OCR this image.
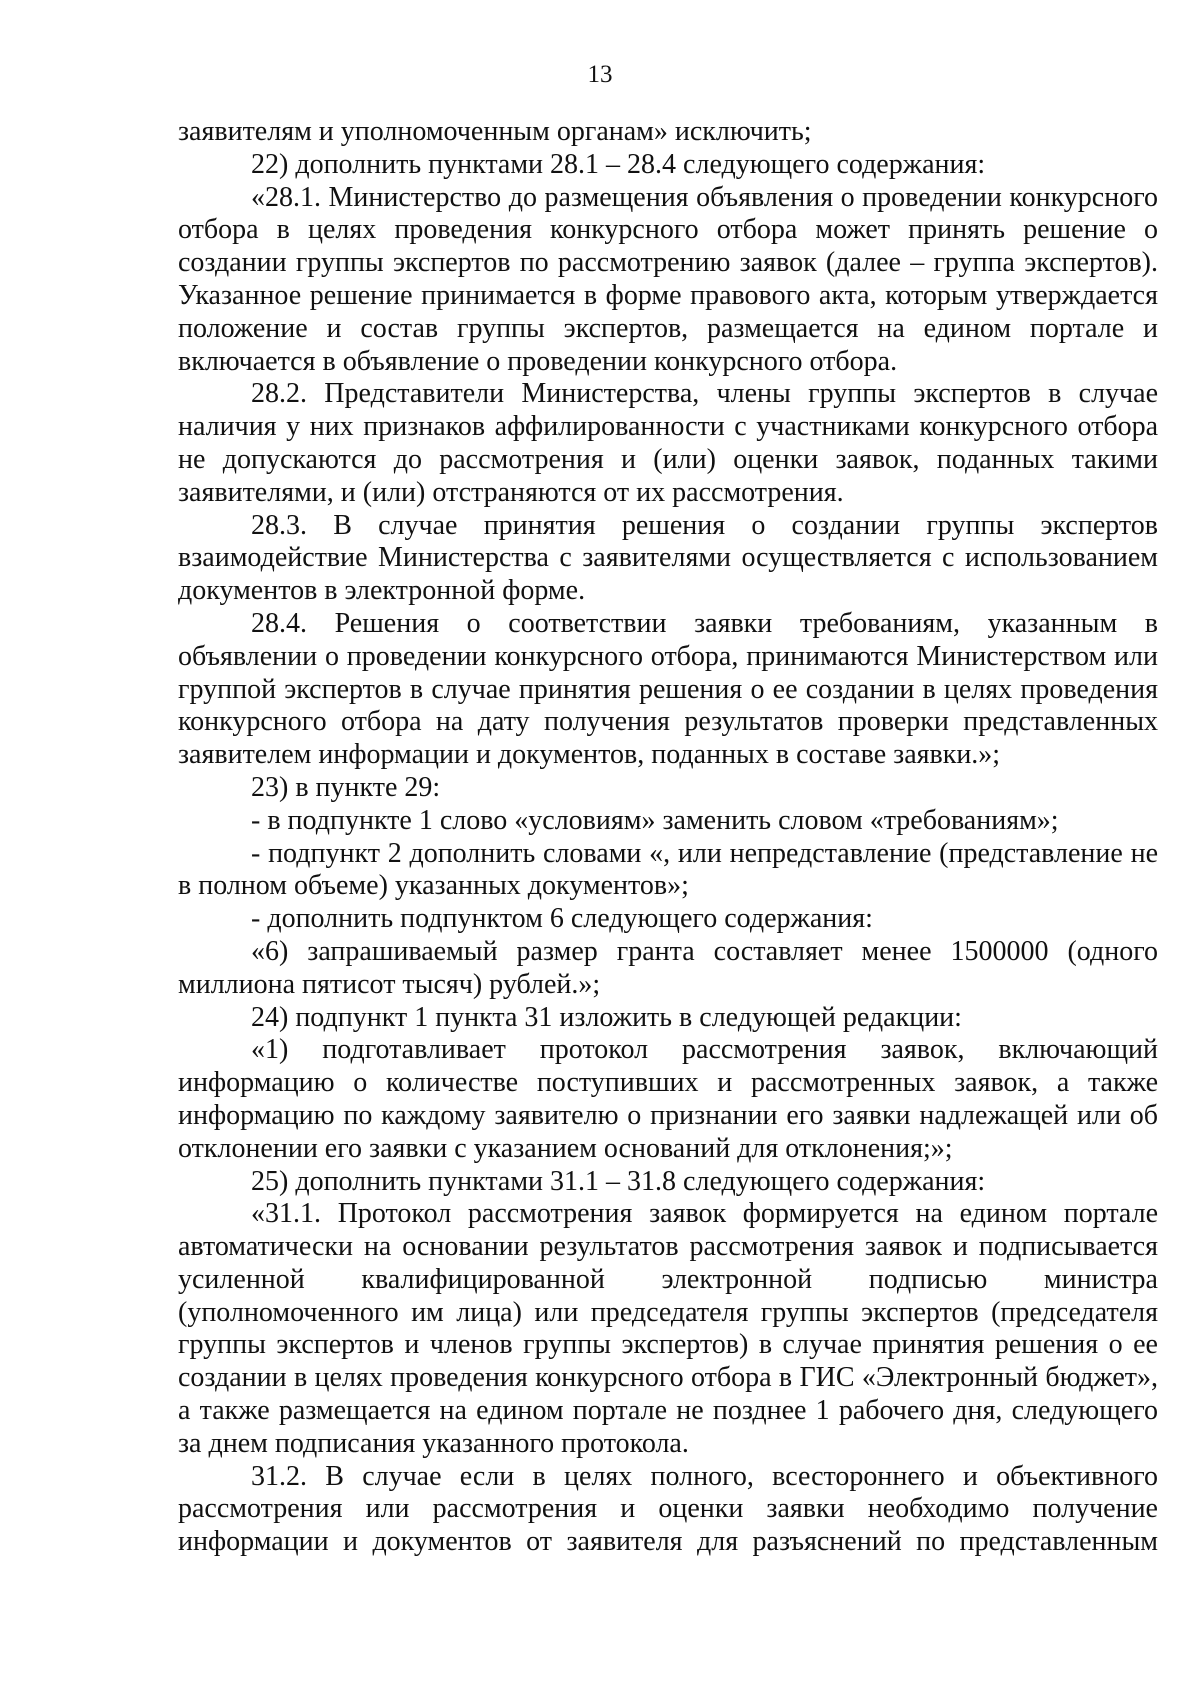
13

заявителям и уполномоченным органам» исключить;

22) дополнить пунктами 28.1 – 28.4 следующего содержания:

«28.1. Министерство до размещения объявления о проведении конкурсного отбора в целях проведения конкурсного отбора может принять решение о создании группы экспертов по рассмотрению заявок (далее – группа экспертов). Указанное решение принимается в форме правового акта, которым утверждается положение и состав группы экспертов, размещается на едином портале и включается в объявление о проведении конкурсного отбора.

28.2. Представители Министерства, члены группы экспертов в случае наличия у них признаков аффилированности с участниками конкурсного отбора не допускаются до рассмотрения и (или) оценки заявок, поданных такими заявителями, и (или) отстраняются от их рассмотрения.

28.3. В случае принятия решения о создании группы экспертов взаимодействие Министерства с заявителями осуществляется с использованием документов в электронной форме.

28.4. Решения о соответствии заявки требованиям, указанным в объявлении о проведении конкурсного отбора, принимаются Министерством или группой экспертов в случае принятия решения о ее создании в целях проведения конкурсного отбора на дату получения результатов проверки представленных заявителем информации и документов, поданных в составе заявки.»;

23) в пункте 29:

- в подпункте 1 слово «условиям» заменить словом «требованиям»;

- подпункт 2 дополнить словами «, или непредставление (представление не в полном объеме) указанных документов»;

- дополнить подпунктом 6 следующего содержания:

«6) запрашиваемый размер гранта составляет менее 1500000 (одного миллиона пятисот тысяч) рублей.»;

24) подпункт 1 пункта 31 изложить в следующей редакции:

«1) подготавливает протокол рассмотрения заявок, включающий информацию о количестве поступивших и рассмотренных заявок, а также информацию по каждому заявителю о признании его заявки надлежащей или об отклонении его заявки с указанием оснований для отклонения;»;

25) дополнить пунктами 31.1 – 31.8 следующего содержания:

«31.1. Протокол рассмотрения заявок формируется на едином портале автоматически на основании результатов рассмотрения заявок и подписывается усиленной квалифицированной электронной подписью министра (уполномоченного им лица) или председателя группы экспертов (председателя группы экспертов и членов группы экспертов) в случае принятия решения о ее создании в целях проведения конкурсного отбора в ГИС «Электронный бюджет», а также размещается на едином портале не позднее 1 рабочего дня, следующего за днем подписания указанного протокола.

31.2. В случае если в целях полного, всестороннего и объективного рассмотрения или рассмотрения и оценки заявки необходимо получение информации и документов от заявителя для разъяснений по представленным
